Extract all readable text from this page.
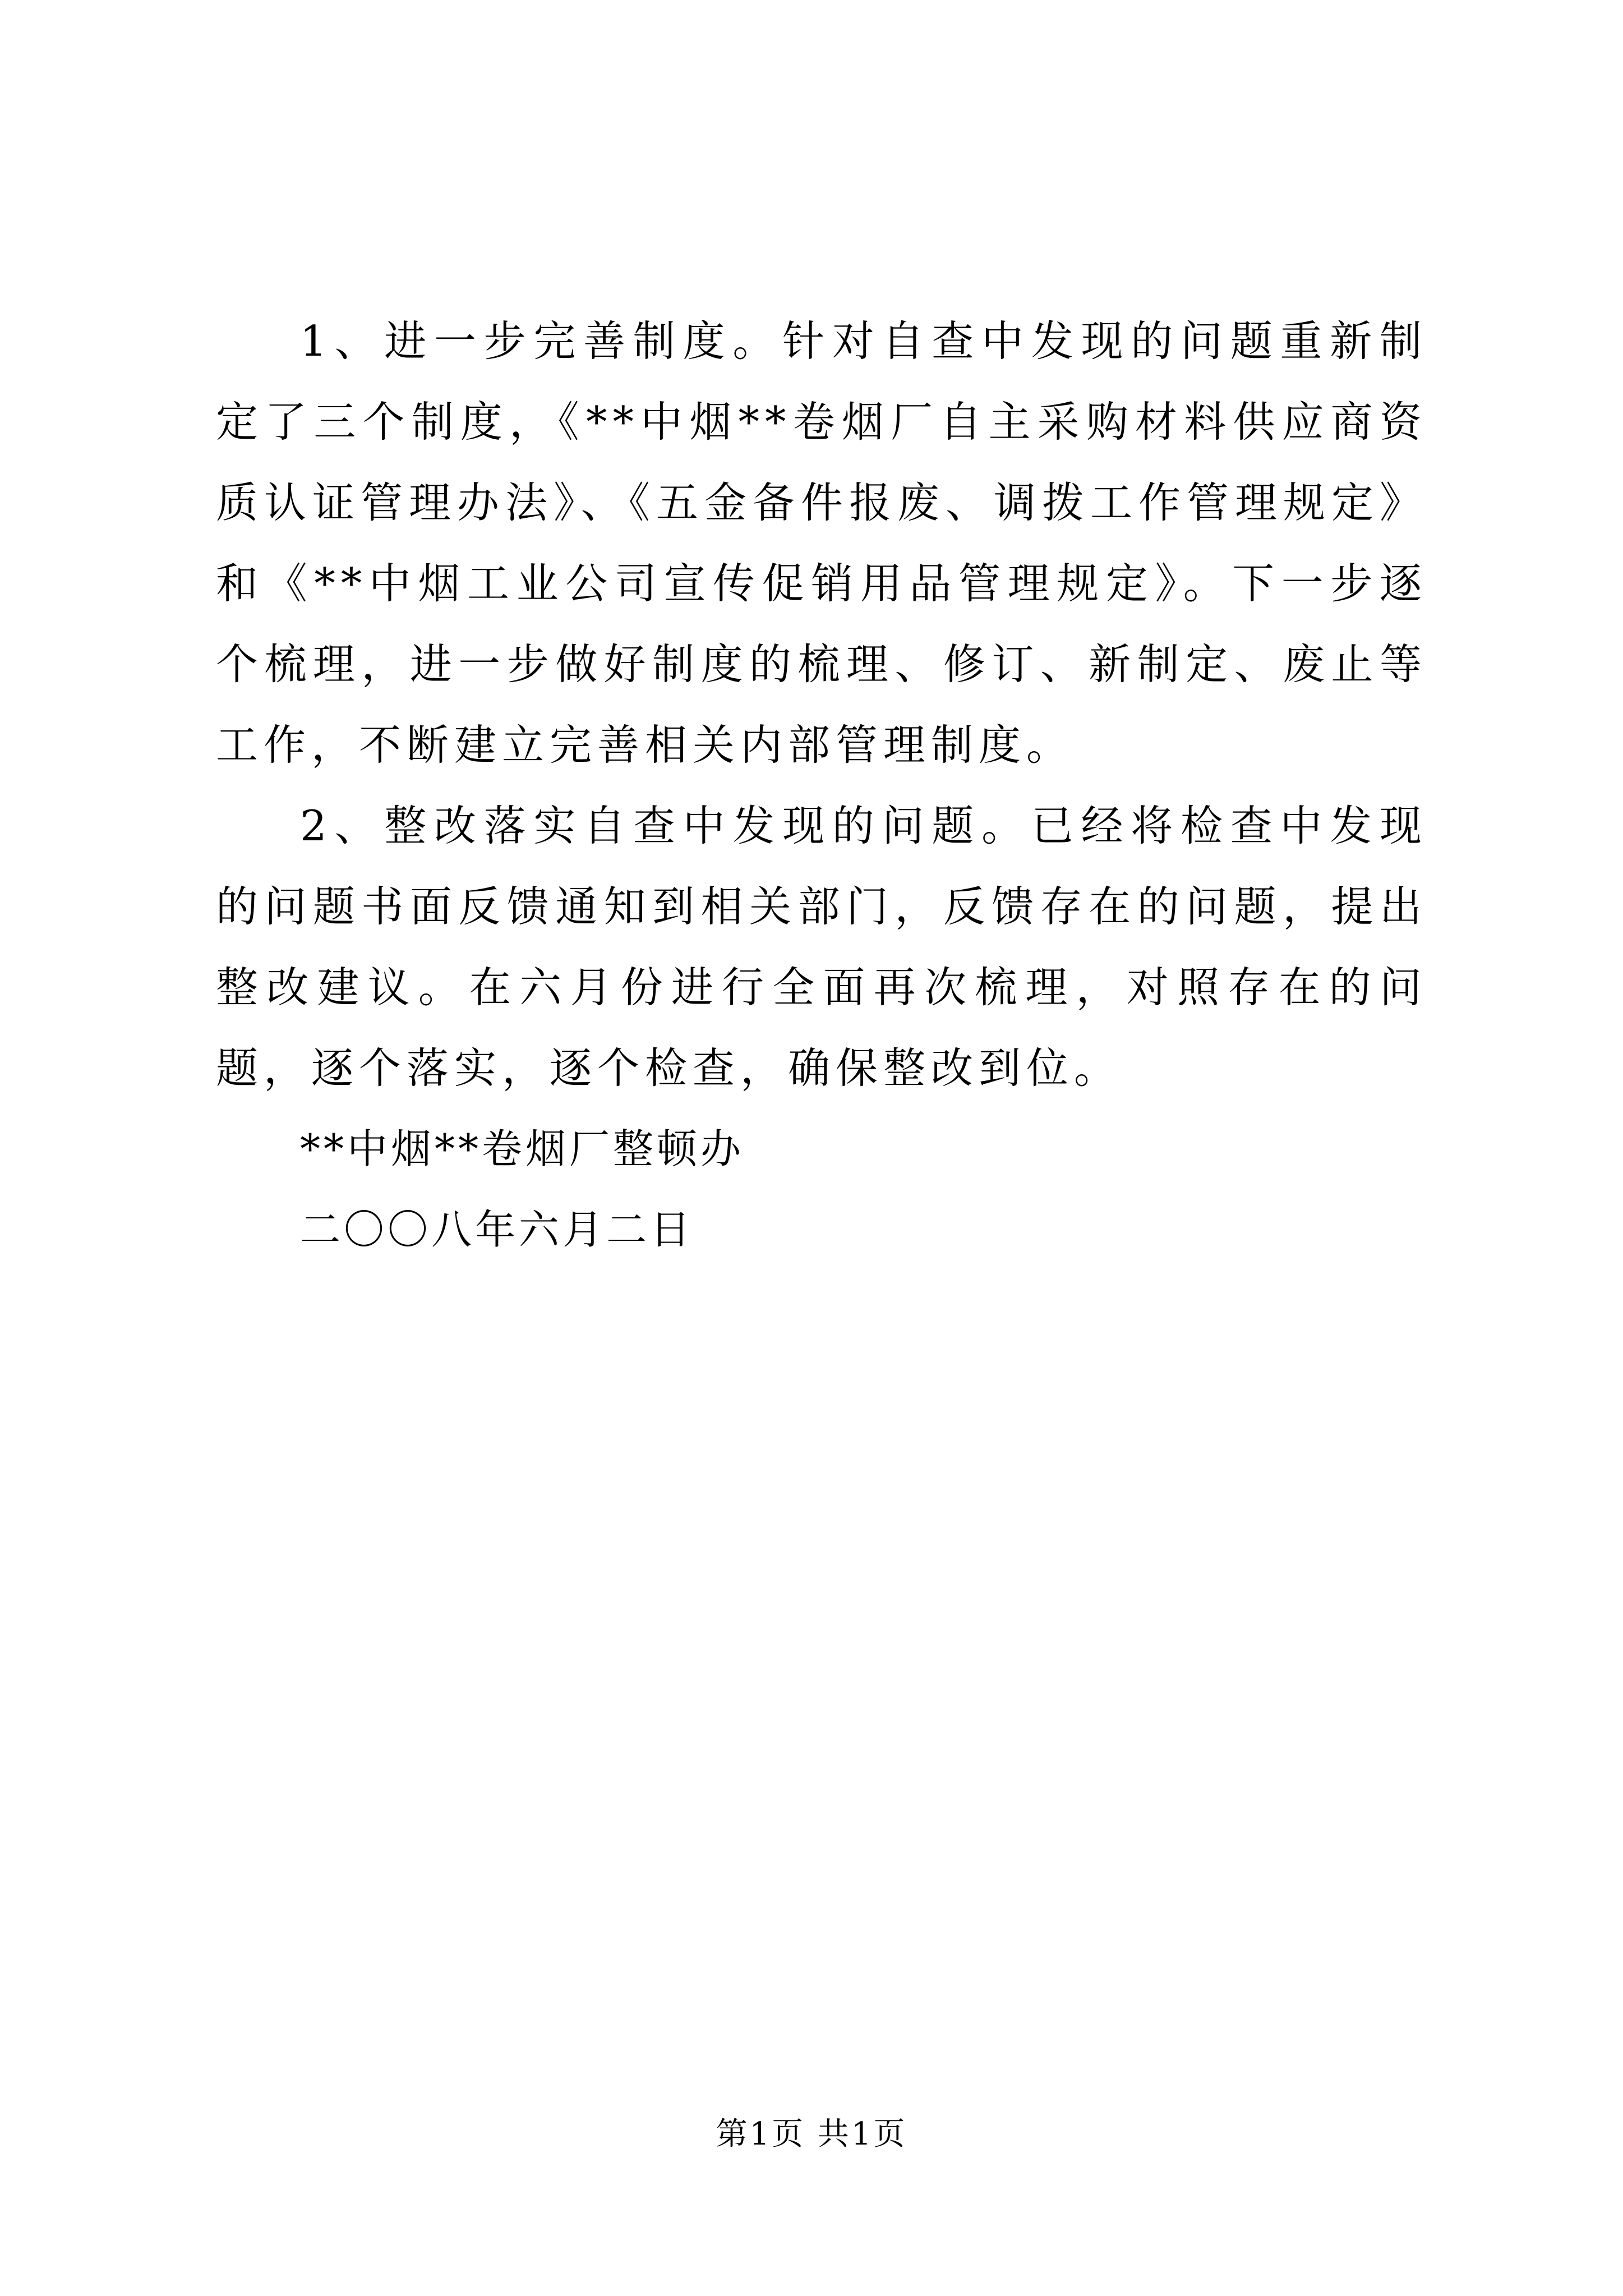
1、进一步完善制度。针对自查中发现的问题重新制定了三个制度，《**中烟**卷烟厂自主采购材料供应商资质认证管理办法》、《五金备件报废、调拨工作管理规定》和《**中烟工业公司宣传促销用品管理规定》。下一步逐个梳理，进一步做好制度的梳理、修订、新制定、废止等工作，不断建立完善相关内部管理制度。

2、整改落实自查中发现的问题。已经将检查中发现的问题书面反馈通知到相关部门，反馈存在的问题，提出整改建议。在六月份进行全面再次梳理，对照存在的问题，逐个落实，逐个检查，确保整改到位。

**中烟**卷烟厂整顿办

二〇〇八年六月二日

第1页 共1页
